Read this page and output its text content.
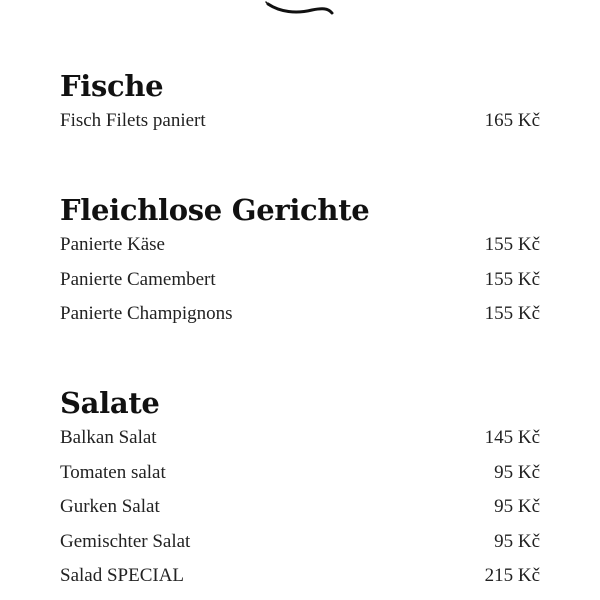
Fische
Fisch Filets paniert	165 Kč
Fleichlose Gerichte
Panierte Käse	155 Kč
Panierte Camembert	155 Kč
Panierte Champignons	155 Kč
Salate
Balkan Salat	145 Kč
Tomaten salat	95 Kč
Gurken Salat	95 Kč
Gemischter Salat	95 Kč
Salad SPECIAL	215 Kč
